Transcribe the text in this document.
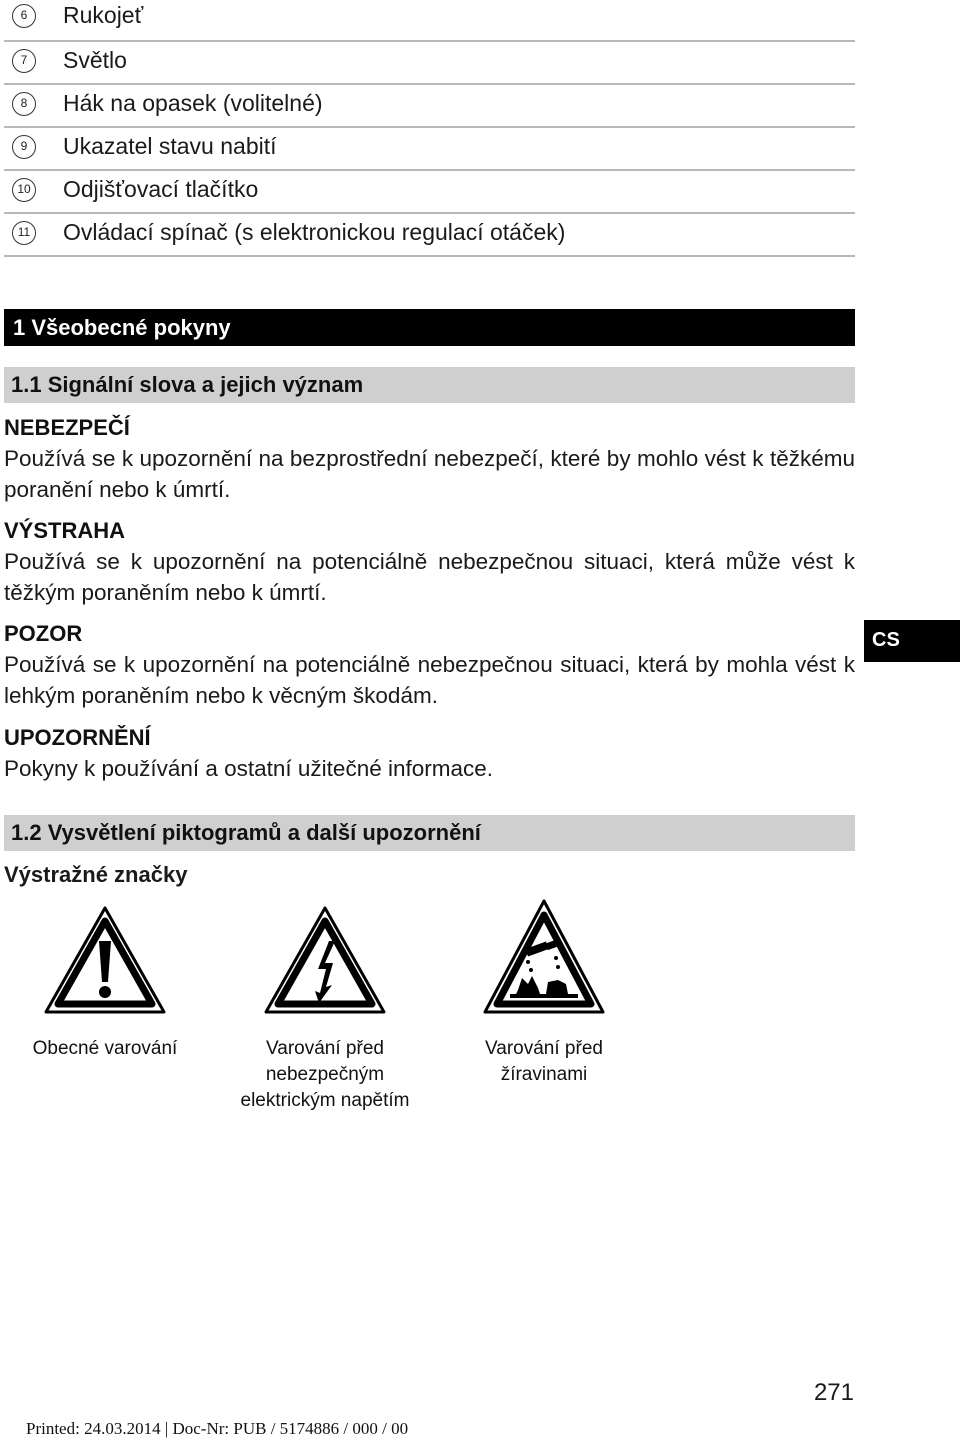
6	Rukojeť
7	Světlo
8	Hák na opasek (volitelné)
9	Ukazatel stavu nabití
10 Odjišťovací tlačítko
11 Ovládací spínač (s elektronickou regulací otáček)
1 Všeobecné pokyny
1.1 Signální slova a jejich význam

NEBEZPEČÍ

Používá se k upozornění na bezprostřední nebezpečí, které by mohlo vést k těžkému poranění nebo k úmrtí.

VÝSTRAHA

Používá se k upozornění na potenciálně nebezpečnou situaci, která může vést k těžkým poraněním nebo k úmrtí.

POZOR

Používá se k upozornění na potenciálně nebezpečnou situaci, která by mohla vést k lehkým poraněním nebo k věcným škodám.

UPOZORNĚNÍ

Pokyny k používání a ostatní užitečné informace.

CS
1.2 Vysvětlení piktogramů a další upozornění
Výstražné značky
Obecné varování	Varování před
nebezpečným
elektrickým napětím
Varování před
žíravinami
271
Printed: 24.03.2014 | Doc-Nr: PUB / 5174886 / 000 / 00
